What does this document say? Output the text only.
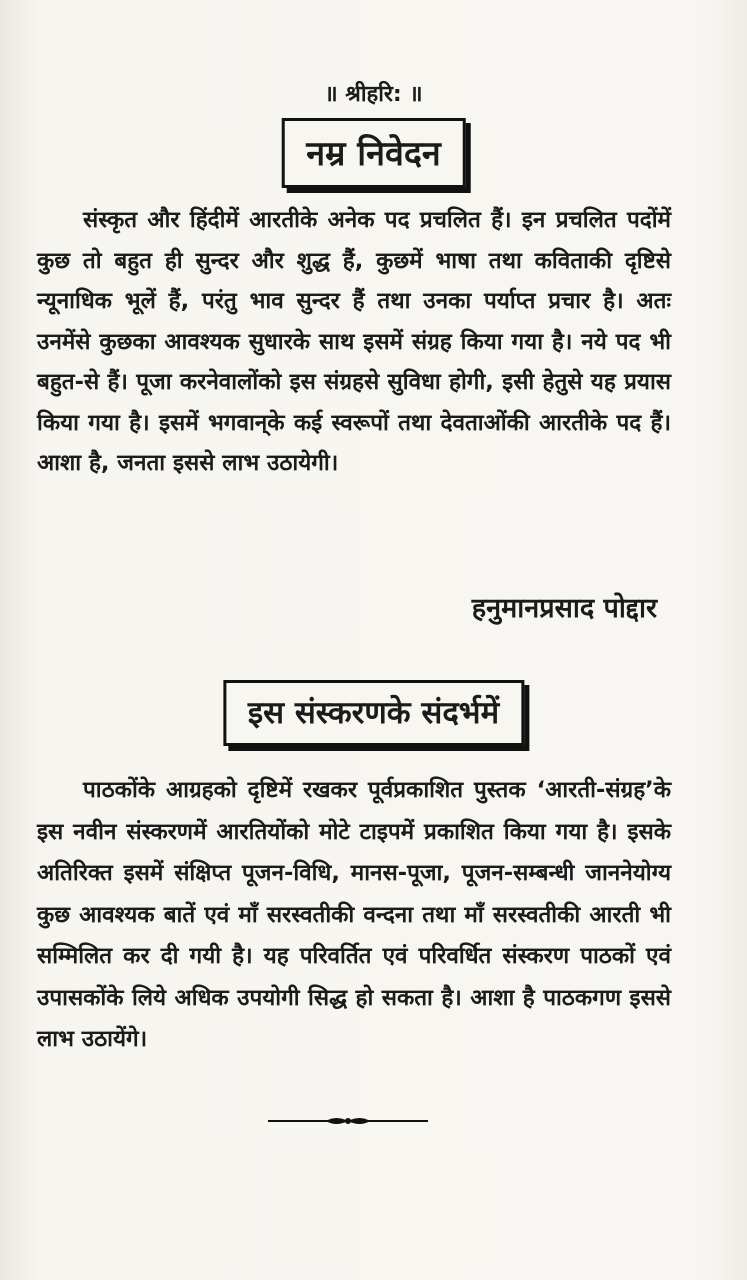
॥ श्रीहरि: ॥
नम्र निवेदन
संस्कृत और हिंदीमें आरतीके अनेक पद प्रचलित हैं। इन प्रचलित पदोंमें कुछ तो बहुत ही सुन्दर और शुद्ध हैं, कुछमें भाषा तथा कविताकी दृष्टिसे न्यूनाधिक भूलें हैं, परंतु भाव सुन्दर हैं तथा उनका पर्याप्त प्रचार है। अतः उनमेंसे कुछका आवश्यक सुधारके साथ इसमें संग्रह किया गया है। नये पद भी बहुत-से हैं। पूजा करनेवालोंको इस संग्रहसे सुविधा होगी, इसी हेतुसे यह प्रयास किया गया है। इसमें भगवान्‌के कई स्वरूपों तथा देवताओंकी आरतीके पद हैं। आशा है, जनता इससे लाभ उठायेगी।
हनुमानप्रसाद पोद्दार
इस संस्करणके संदर्भमें
पाठकोंके आग्रहको दृष्टिमें रखकर पूर्वप्रकाशित पुस्तक ‘आरती-संग्रह’के इस नवीन संस्करणमें आरतियोंको मोटे टाइपमें प्रकाशित किया गया है। इसके अतिरिक्त इसमें संक्षिप्त पूजन-विधि, मानस-पूजा, पूजन-सम्बन्धी जाननेयोग्य कुछ आवश्यक बातें एवं माँ सरस्वतीकी वन्दना तथा माँ सरस्वतीकी आरती भी सम्मिलित कर दी गयी है। यह परिवर्तित एवं परिवर्धित संस्करण पाठकों एवं उपासकोंके लिये अधिक उपयोगी सिद्ध हो सकता है। आशा है पाठकगण इससे लाभ उठायेंगे।
